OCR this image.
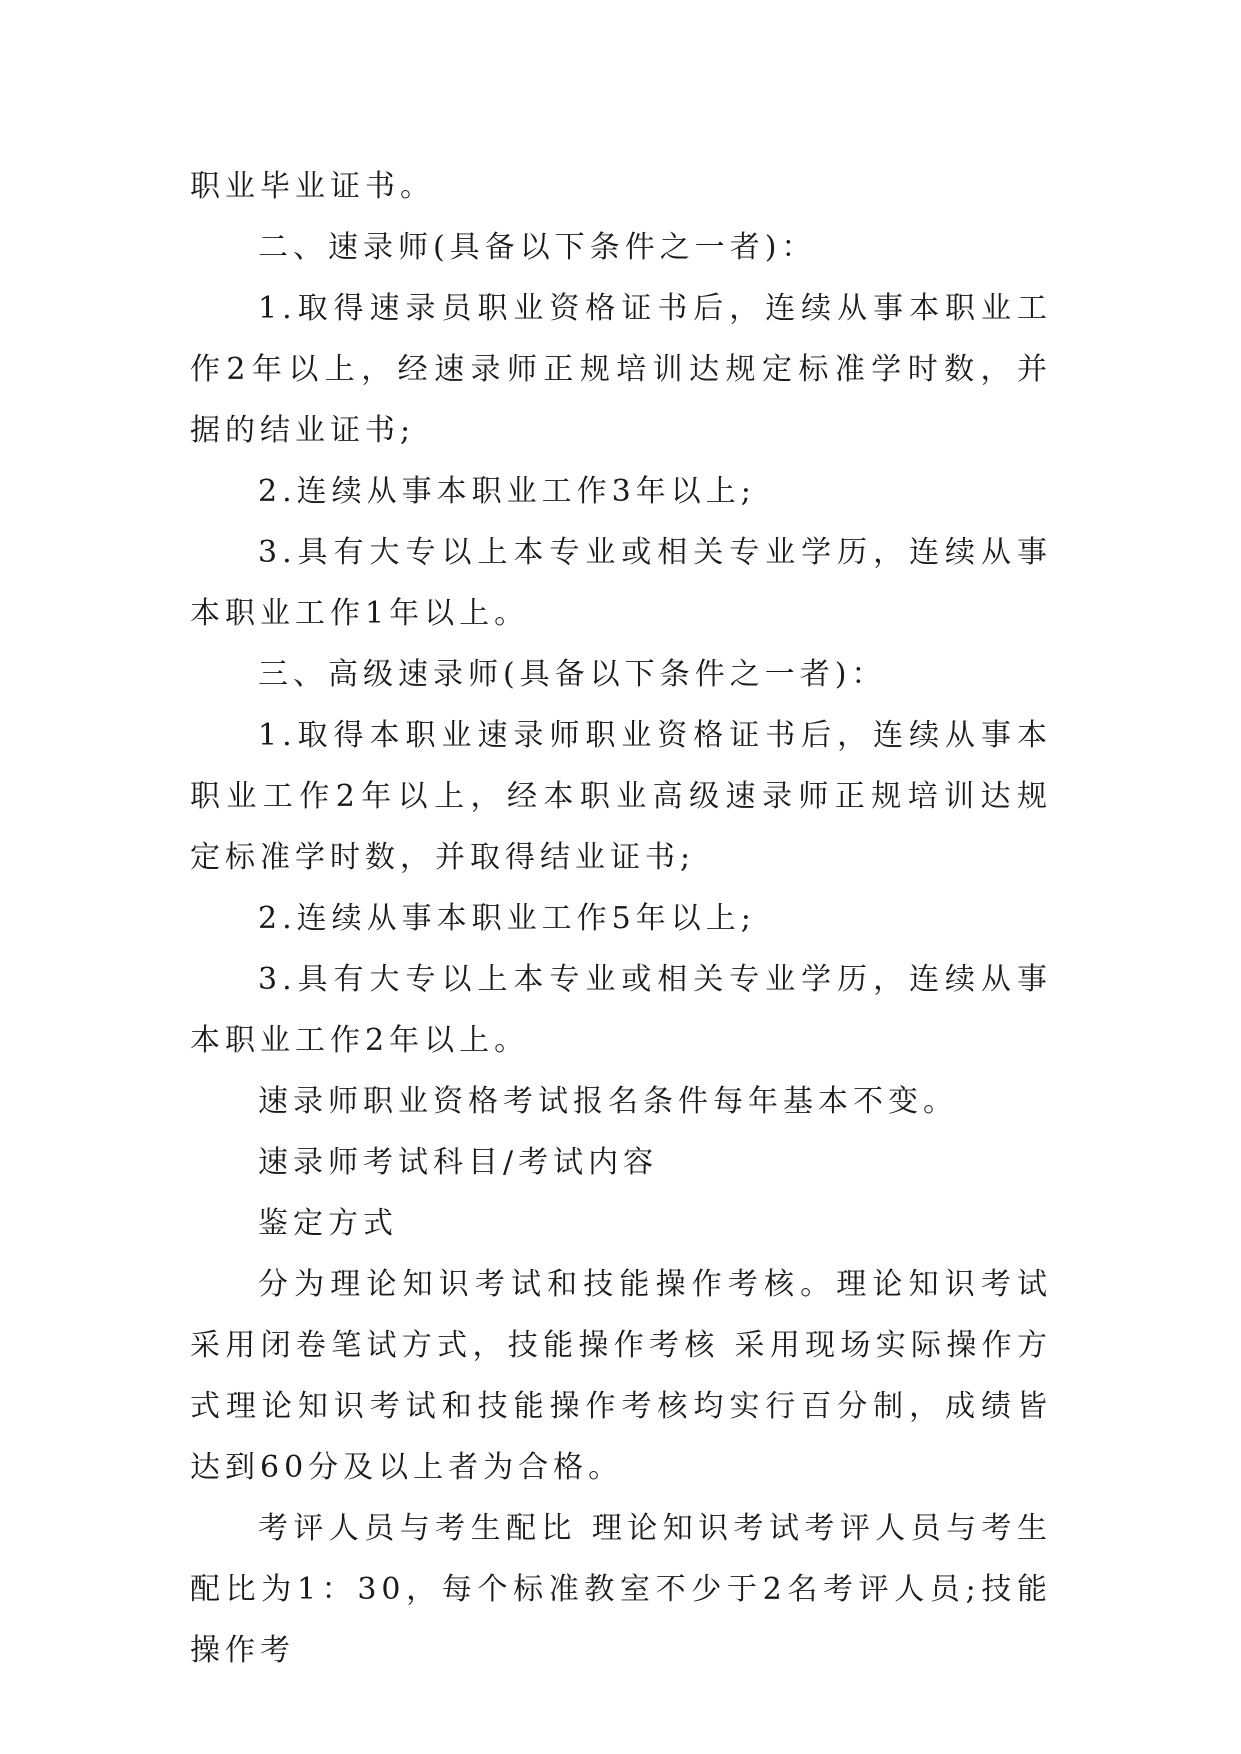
职业毕业证书。

二、速录师(具备以下条件之一者)：

1.取得速录员职业资格证书后，连续从事本职业工作2年以上，经速录师正规培训达规定标准学时数，并据的结业证书;

2.连续从事本职业工作3年以上;

3.具有大专以上本专业或相关专业学历，连续从事本职业工作1年以上。

三、高级速录师(具备以下条件之一者)：

1.取得本职业速录师职业资格证书后，连续从事本职业工作2年以上，经本职业高级速录师正规培训达规定标准学时数，并取得结业证书;

2.连续从事本职业工作5年以上;

3.具有大专以上本专业或相关专业学历，连续从事本职业工作2年以上。

速录师职业资格考试报名条件每年基本不变。

速录师考试科目/考试内容

鉴定方式

分为理论知识考试和技能操作考核。理论知识考试采用闭卷笔试方式，技能操作考核 采用现场实际操作方式理论知识考试和技能操作考核均实行百分制，成绩皆达到60分及以上者为合格。

考评人员与考生配比 理论知识考试考评人员与考生配比为1：30，每个标准教室不少于2名考评人员;技能操作考
